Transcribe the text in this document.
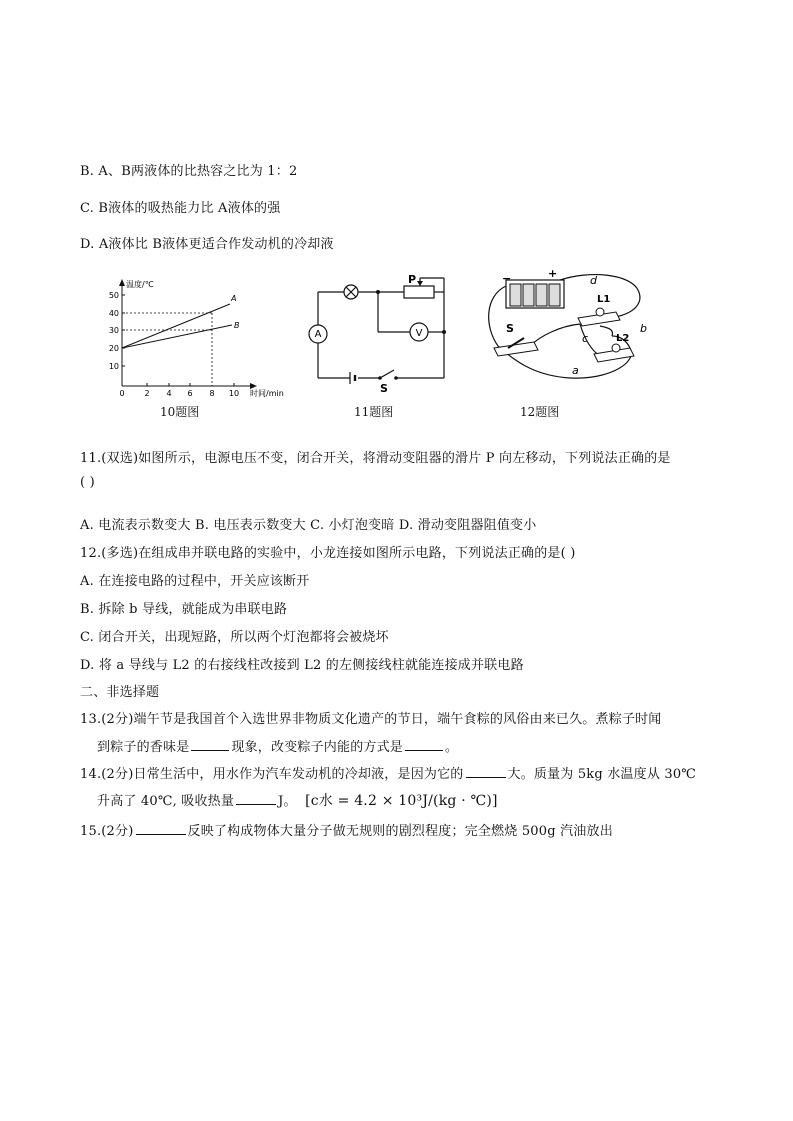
B. A、B两液体的比热容之比为 1：2
C. B液体的吸热能力比 A液体的强
D. A液体比 B液体更适合作发动机的冷却液
温度/℃
时间/min
50
40
30
20
10
0 2 4 6 8 10
A
B
10题图
A	V
P
S
11题图
−	+
L1
L2
S
a
b
c
d
12题图
11.(双选)如图所示，电源电压不变，闭合开关，将滑动变阻器的滑片 P 向左移动，下列说法正确的是
( )
A. 电流表示数变大 B. 电压表示数变大 C. 小灯泡变暗 D. 滑动变阻器阻值变小
12.(多选)在组成串并联电路的实验中，小龙连接如图所示电路，下列说法正确的是( )
A. 在连接电路的过程中，开关应该断开
B. 拆除 b 导线，就能成为串联电路
C. 闭合开关，出现短路，所以两个灯泡都将会被烧坏
D. 将 a 导线与 L2 的右接线柱改接到 L2 的左侧接线柱就能连接成并联电路
二、非选择题
13.(2分)端午节是我国首个入选世界非物质文化遗产的节日，端午食粽的风俗由来已久。煮粽子时闻
到粽子的香味是	现象，改变粽子内能的方式是	。
14.(2分)日常生活中，用水作为汽车发动机的冷却液，是因为它的	大。质量为 5kg 水温度从 30℃
升高了 40℃, 吸收热量	J。 [c水 = 4.2 × 10³J/(kg · ℃)]
15.(2分)	反映了构成物体大量分子做无规则的剧烈程度；完全燃烧 500g 汽油放出
